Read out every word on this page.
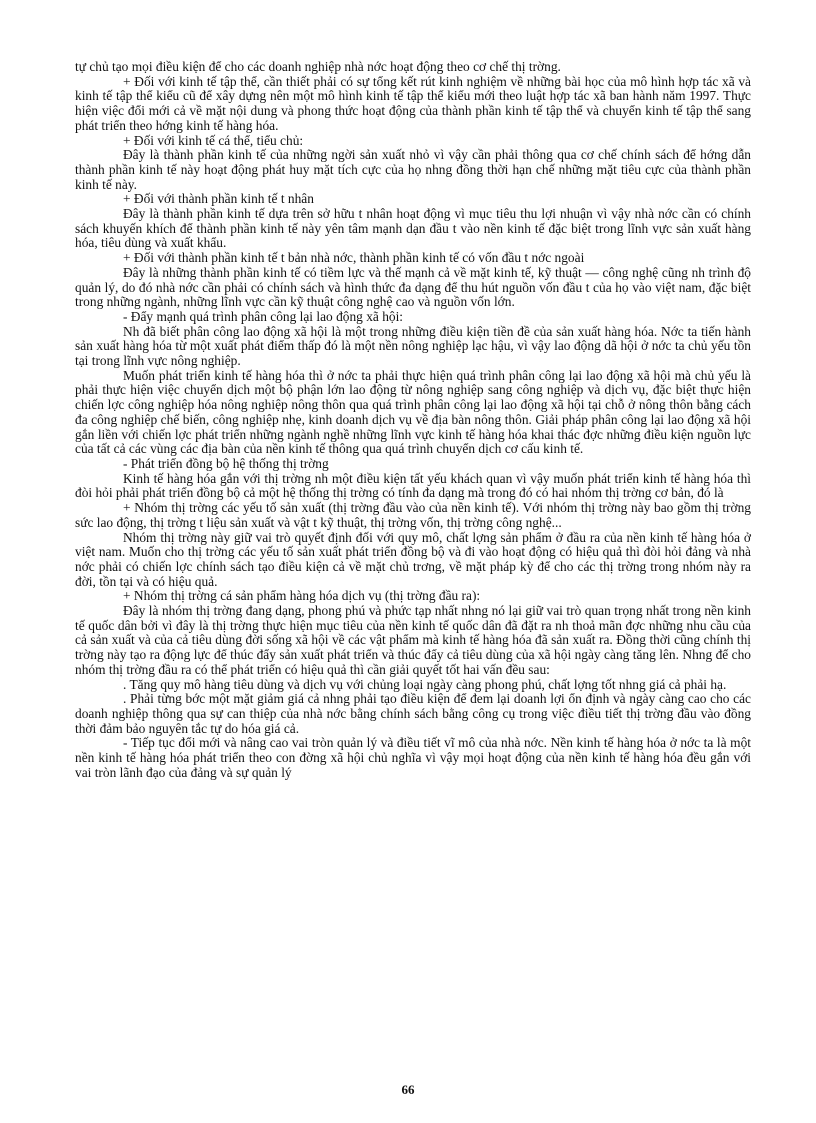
tự chủ tạo mọi điều kiện để cho các doanh nghiệp nhà nớc hoạt động theo cơ chế thị trờng.

+ Đối với kinh tế tập thể, cần thiết phải có sự tổng kết rút kinh nghiệm về những bài học của mô hình hợp tác xã và kinh tế tập thể kiểu cũ để xây dựng nên một mô hình kinh tế tập thể kiểu mới theo luật hợp tác xã ban hành năm 1997. Thực hiện việc đổi mới cả về mặt nội dung và phong thức hoạt động của thành phần kinh tế tập thể và chuyển kinh tế tập thể sang phát triển theo hớng kinh tế hàng hóa.

+ Đối với kinh tế cá thể, tiểu chủ:

Đây là thành phần kinh tế của những ngời sản xuất nhỏ vì vậy cần phải thông qua cơ chế chính sách để hớng dẫn thành phần kinh tế này hoạt động phát huy mặt tích cực của họ nhng đồng thời hạn chế những mặt tiêu cực của thành phần kinh tế này.

+ Đối với thành phần kinh tế t nhân

Đây là thành phần kinh tế dựa trên sở hữu t nhân hoạt động vì mục tiêu thu lợi nhuận vì vậy nhà nớc cần có chính sách khuyến khích để thành phần kinh tế này yên tâm mạnh dạn đầu t vào nền kinh tế đặc biệt trong lĩnh vực sản xuất hàng hóa, tiêu dùng và xuất khẩu.

+ Đối với thành phần kinh tế t bản nhà nớc, thành phần kinh tế có vốn đầu t nớc ngoài

Đây là những thành phần kinh tế có tiềm lực và thế mạnh cả về mặt kinh tế, kỹ thuật — công nghệ cũng nh trình độ quản lý, do đó nhà nớc cần phải có chính sách và hình thức đa dạng để thu hút nguồn vốn đầu t của họ vào việt nam, đặc biệt trong những ngành, những lĩnh vực cần kỹ thuật công nghệ cao và nguồn vốn lớn.

- Đẩy mạnh quá trình phân công lại lao động xã hội:

Nh đã biết phân công lao động xã hội là một trong những điều kiện tiền đề của sản xuất hàng hóa. Nớc ta tiến hành sản xuất hàng hóa từ một xuất phát điểm thấp đó là một nền nông nghiệp lạc hậu, vì vậy lao động dã hội ở nớc ta chủ yếu tồn tại trong lĩnh vực nông nghiệp.

Muốn phát triển kinh tế hàng hóa thì ở nớc ta phải thực hiện quá trình phân công lại lao động xã hội mà chủ yếu là phải thực hiện việc chuyển dịch một bộ phận lớn lao động từ nông nghiệp sang công nghiệp và dịch vụ, đặc biệt thực hiện chiến lợc công nghiệp hóa nông nghiệp nông thôn qua quá trình phân công lại lao động xã hội tại chỗ ở nông thôn bằng cách đa công nghiệp chế biến, công nghiệp nhẹ, kinh doanh dịch vụ về địa bàn nông thôn. Giải pháp phân công lại lao động xã hội gắn liền với chiến lợc phát triển những ngành nghề những lĩnh vực kinh tế hàng hóa khai thác đợc những điều kiện nguồn lực của tất cả các vùng các địa bàn của nền kinh tế thông qua quá trình chuyển dịch cơ cấu kinh tế.

- Phát triển đồng bộ hệ thống thị trờng

Kinh tế hàng hóa gắn với thị trờng nh một điều kiện tất yếu khách quan vì vậy muốn phát triển kinh tế hàng hóa thì đòi hỏi phải phát triển đồng bộ cả một hệ thống thị trờng có tính đa dạng mà trong đó có hai nhóm thị trờng cơ bản, đó là

+ Nhóm thị trờng các yếu tố sản xuất (thị trờng đầu vào của nền kinh tế). Với nhóm thị trờng này bao gồm thị trờng sức lao động, thị trờng t liệu sản xuất và vật t kỹ thuật, thị trờng vốn, thị trờng công nghệ...

Nhóm thị trờng này giữ vai trò quyết định đối với quy mô, chất lợng sản phẩm ở đầu ra của nền kinh tế hàng hóa ở việt nam. Muốn cho thị trờng các yếu tố sản xuất phát triển đồng bộ và đi vào hoạt động có hiệu quả thì đòi hỏi đảng và nhà nớc phải có chiến lợc chính sách tạo điều kiện cả về mặt chủ trơng, về mặt pháp kỳ để cho các thị trờng trong nhóm này ra đời, tồn tại và có hiệu quả.

+ Nhóm thị trờng cá sản phẩm hàng hóa dịch vụ (thị trờng đầu ra):

Đây là nhóm thị trờng đang dạng, phong phú và phức tạp nhất nhng nó lại giữ vai trò quan trọng nhất trong nền kinh tế quốc dân bởi vì đây là thị trờng thực hiện mục tiêu của nền kinh tế quốc dân đã đặt ra nh thoả mãn đợc những nhu cầu của cả sản xuất và của cả tiêu dùng đời sống xã hội về các vật phẩm mà kinh tế hàng hóa đã sản xuất ra. Đồng thời cũng chính thị trờng này tạo ra động lực để thúc đẩy sản xuất phát triển và thúc đẩy cả tiêu dùng của xã hội ngày càng tăng lên. Nhng để cho nhóm thị trờng đầu ra có thể phát triển có hiệu quả thì cần giải quyết tốt hai vấn đều sau:

. Tăng quy mô hàng tiêu dùng và dịch vụ với chủng loại ngày càng phong phú, chất lợng tốt nhng giá cả phải hạ.

. Phải từng bớc một mặt giảm giá cả nhng phải tạo điều kiện để đem lại doanh lợi ổn định và ngày càng cao cho các doanh nghiệp thông qua sự can thiệp của nhà nớc bằng chính sách bằng công cụ trong việc điều tiết thị trờng đầu vào đồng thời đảm bảo nguyên tắc tự do hóa giá cả.

- Tiếp tục đổi mới và nâng cao vai tròn quản lý và điều tiết vĩ mô của nhà nớc. Nền kinh tế hàng hóa ở nớc ta là một nền kinh tế hàng hóa phát triển theo con đờng xã hội chủ nghĩa vì vậy mọi hoạt động của nền kinh tế hàng hóa đều gắn với vai tròn lãnh đạo của đảng và sự quản lý

66
